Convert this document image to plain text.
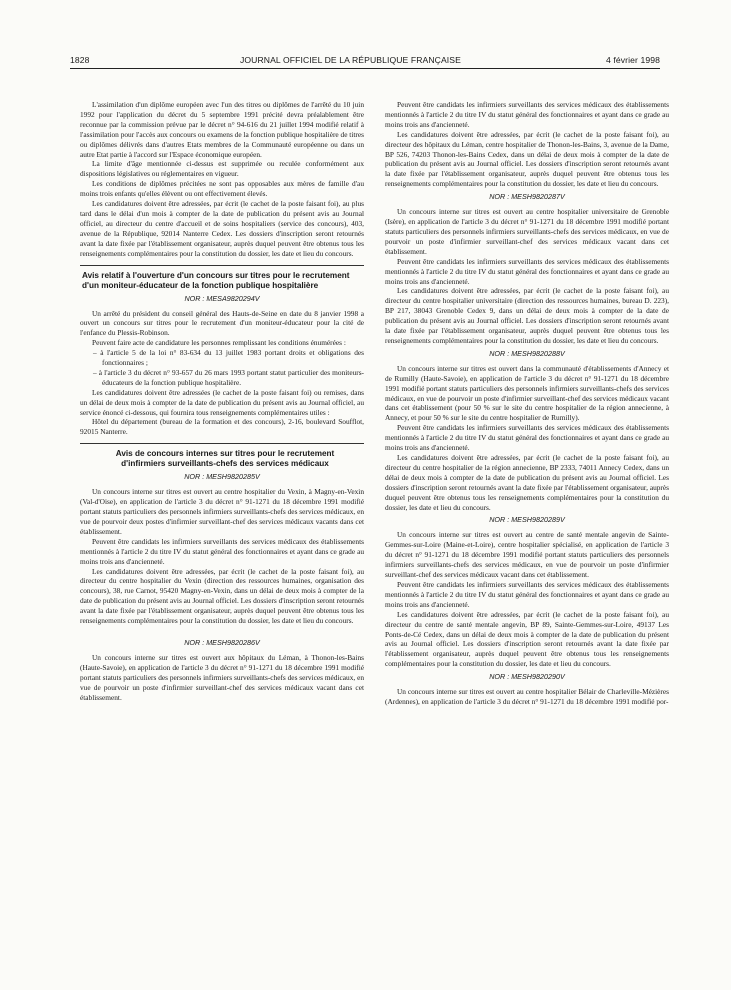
1828	JOURNAL OFFICIEL DE LA RÉPUBLIQUE FRANÇAISE	4 février 1998

L'assimilation d'un diplôme européen avec l'un des titres ou diplômes de l'arrêté du 10 juin 1992 pour l'application du décret du 5 septembre 1991 précité devra préalablement être reconnue par la commission prévue par le décret n° 94-616 du 21 juillet 1994 modifié relatif à l'assimilation pour l'accès aux concours ou examens de la fonction publique hospitalière de titres ou diplômes délivrés dans d'autres Etats membres de la Communauté européenne ou dans un autre Etat partie à l'accord sur l'Espace économique européen.

La limite d'âge mentionnée ci-dessus est supprimée ou reculée conformément aux dispositions législatives ou réglementaires en vigueur.

Les conditions de diplômes précitées ne sont pas opposables aux mères de famille d'au moins trois enfants qu'elles élèvent ou ont effectivement élevés.

Les candidatures doivent être adressées, par écrit (le cachet de la poste faisant foi), au plus tard dans le délai d'un mois à compter de la date de publication du présent avis au Journal officiel, au directeur du centre d'accueil et de soins hospitaliers (service des concours), 403, avenue de la République, 92014 Nanterre Cedex. Les dossiers d'inscription seront retournés avant la date fixée par l'établissement organisateur, auprès duquel peuvent être obtenus tous les renseignements complémentaires pour la constitution du dossier, les date et lieu du concours.

Avis relatif à l'ouverture d'un concours sur titres pour le recrutement d'un moniteur-éducateur de la fonction publique hospitalière
NOR : MESA9820294V

Un arrêté du président du conseil général des Hauts-de-Seine en date du 8 janvier 1998 a ouvert un concours sur titres pour le recrutement d'un moniteur-éducateur pour la cité de l'enfance du Plessis-Robinson.

Peuvent faire acte de candidature les personnes remplissant les conditions énumérées :

– à l'article 5 de la loi n° 83-634 du 13 juillet 1983 portant droits et obligations des fonctionnaires ;
– à l'article 3 du décret n° 93-657 du 26 mars 1993 portant statut particulier des moniteurs-éducateurs de la fonction publique hospitalière.

Les candidatures doivent être adressées (le cachet de la poste faisant foi) ou remises, dans un délai de deux mois à compter de la date de publication du présent avis au Journal officiel, au service énoncé ci-dessous, qui fournira tous renseignements complémentaires utiles :

Hôtel du département (bureau de la formation et des concours), 2-16, boulevard Soufflot, 92015 Nanterre.

Avis de concours internes sur titres pour le recrutement d'infirmiers surveillants-chefs des services médicaux
NOR : MESH9820285V

Un concours interne sur titres est ouvert au centre hospitalier du Vexin, à Magny-en-Vexin (Val-d'Oise), en application de l'article 3 du décret n° 91-1271 du 18 décembre 1991 modifié portant statuts particuliers des personnels infirmiers surveillants-chefs des services médicaux, en vue de pourvoir deux postes d'infirmier surveillant-chef des services médicaux vacants dans cet établissement.

Peuvent être candidats les infirmiers surveillants des services médicaux des établissements mentionnés à l'article 2 du titre IV du statut général des fonctionnaires et ayant dans ce grade au moins trois ans d'ancienneté.

Les candidatures doivent être adressées, par écrit (le cachet de la poste faisant foi), au directeur du centre hospitalier du Vexin (direction des ressources humaines, organisation des concours), 38, rue Carnot, 95420 Magny-en-Vexin, dans un délai de deux mois à compter de la date de publication du présent avis au Journal officiel. Les dossiers d'inscription seront retournés avant la date fixée par l'établissement organisateur, auprès duquel peuvent être obtenus tous les renseignements complémentaires pour la constitution du dossier, les date et lieu du concours.

NOR : MESH9820286V

Un concours interne sur titres est ouvert aux hôpitaux du Léman, à Thonon-les-Bains (Haute-Savoie), en application de l'article 3 du décret n° 91-1271 du 18 décembre 1991 modifié portant statuts particuliers des personnels infirmiers surveillants-chefs des services médicaux, en vue de pourvoir un poste d'infirmier surveillant-chef des services médicaux vacant dans cet établissement.

Peuvent être candidats les infirmiers surveillants des services médicaux des établissements mentionnés à l'article 2 du titre IV du statut général des fonctionnaires et ayant dans ce grade au moins trois ans d'ancienneté.

Les candidatures doivent être adressées, par écrit (le cachet de la poste faisant foi), au directeur des hôpitaux du Léman, centre hospitalier de Thonon-les-Bains, 3, avenue de la Dame, BP 526, 74203 Thonon-les-Bains Cedex, dans un délai de deux mois à compter de la date de publication du présent avis au Journal officiel. Les dossiers d'inscription seront retournés avant la date fixée par l'établissement organisateur, auprès duquel peuvent être obtenus tous les renseignements complémentaires pour la constitution du dossier, les date et lieu du concours.

NOR : MESH9820287V

Un concours interne sur titres est ouvert au centre hospitalier universitaire de Grenoble (Isère), en application de l'article 3 du décret n° 91-1271 du 18 décembre 1991 modifié portant statuts particuliers des personnels infirmiers surveillants-chefs des services médicaux, en vue de pourvoir un poste d'infirmier surveillant-chef des services médicaux vacant dans cet établissement.

Peuvent être candidats les infirmiers surveillants des services médicaux des établissements mentionnés à l'article 2 du titre IV du statut général des fonctionnaires et ayant dans ce grade au moins trois ans d'ancienneté.

Les candidatures doivent être adressées, par écrit (le cachet de la poste faisant foi), au directeur du centre hospitalier universitaire (direction des ressources humaines, bureau D. 223), BP 217, 38043 Grenoble Cedex 9, dans un délai de deux mois à compter de la date de publication du présent avis au Journal officiel. Les dossiers d'inscription seront retournés avant la date fixée par l'établissement organisateur, auprès duquel peuvent être obtenus tous les renseignements complémentaires pour la constitution du dossier, les date et lieu du concours.

NOR : MESH9820288V

Un concours interne sur titres est ouvert dans la communauté d'établissements d'Annecy et de Rumilly (Haute-Savoie), en application de l'article 3 du décret n° 91-1271 du 18 décembre 1991 modifié portant statuts particuliers des personnels infirmiers surveillants-chefs des services médicaux, en vue de pourvoir un poste d'infirmier surveillant-chef des services médicaux vacant dans cet établissement (pour 50 % sur le site du centre hospitalier de la région annecienne, à Annecy, et pour 50 % sur le site du centre hospitalier de Rumilly).

Peuvent être candidats les infirmiers surveillants des services médicaux des établissements mentionnés à l'article 2 du titre IV du statut général des fonctionnaires et ayant dans ce grade au moins trois ans d'ancienneté.

Les candidatures doivent être adressées, par écrit (le cachet de la poste faisant foi), au directeur du centre hospitalier de la région annecienne, BP 2333, 74011 Annecy Cedex, dans un délai de deux mois à compter de la date de publication du présent avis au Journal officiel. Les dossiers d'inscription seront retournés avant la date fixée par l'établissement organisateur, auprès duquel peuvent être obtenus tous les renseignements complémentaires pour la constitution du dossier, les date et lieu du concours.

NOR : MESH9820289V

Un concours interne sur titres est ouvert au centre de santé mentale angevin de Sainte-Gemmes-sur-Loire (Maine-et-Loire), centre hospitalier spécialisé, en application de l'article 3 du décret n° 91-1271 du 18 décembre 1991 modifié portant statuts particuliers des personnels infirmiers surveillants-chefs des services médicaux, en vue de pourvoir un poste d'infirmier surveillant-chef des services médicaux vacant dans cet établissement.

Peuvent être candidats les infirmiers surveillants des services médicaux des établissements mentionnés à l'article 2 du titre IV du statut général des fonctionnaires et ayant dans ce grade au moins trois ans d'ancienneté.

Les candidatures doivent être adressées, par écrit (le cachet de la poste faisant foi), au directeur du centre de santé mentale angevin, BP 89, Sainte-Gemmes-sur-Loire, 49137 Les Ponts-de-Cé Cedex, dans un délai de deux mois à compter de la date de publication du présent avis au Journal officiel. Les dossiers d'inscription seront retournés avant la date fixée par l'établissement organisateur, auprès duquel peuvent être obtenus tous les renseignements complémentaires pour la constitution du dossier, les date et lieu du concours.

NOR : MESH9820290V

Un concours interne sur titres est ouvert au centre hospitalier Bélair de Charleville-Mézières (Ardennes), en application de l'article 3 du décret n° 91-1271 du 18 décembre 1991 modifié por-
